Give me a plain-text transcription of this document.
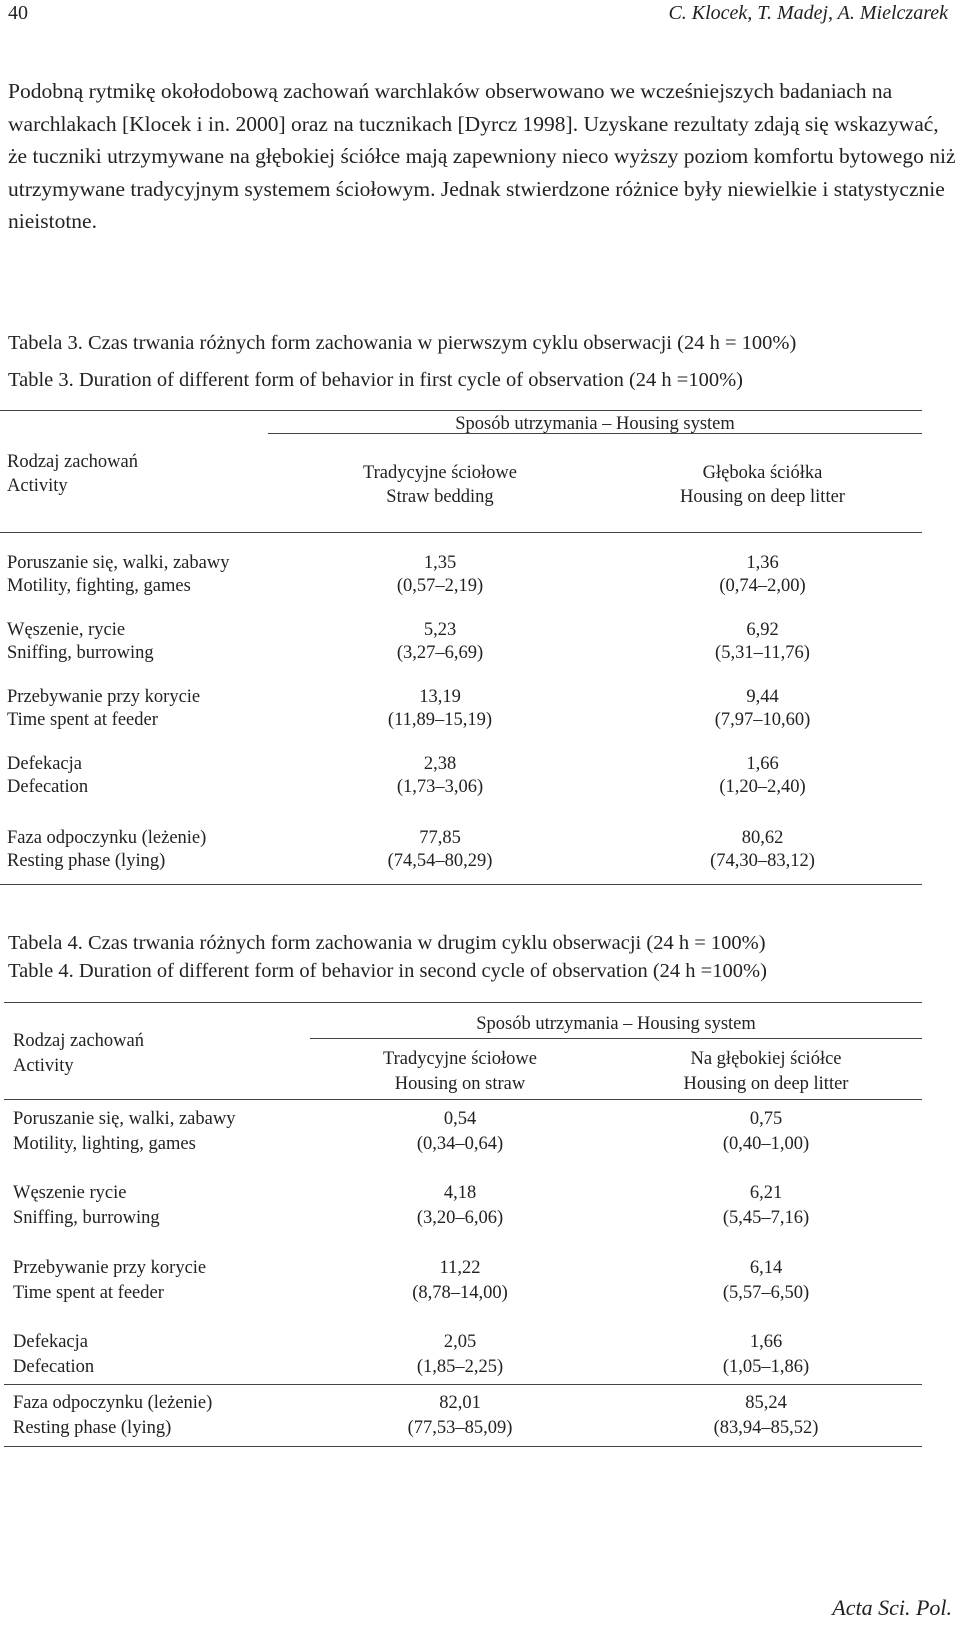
40	C. Klocek, T. Madej, A. Mielczarek

Podobną rytmikę okołodobową zachowań warchlaków obserwowano we wcześniejszych badaniach na warchlakach [Klocek i in. 2000] oraz na tucznikach [Dyrcz 1998]. Uzyskane rezultaty zdają się wskazywać, że tuczniki utrzymywane na głębokiej ściółce mają zapewniony nieco wyższy poziom komfortu bytowego niż utrzymywane tradycyjnym systemem ściołowym. Jednak stwierdzone różnice były niewielkie i statystycznie nieistotne.

Tabela 3. Czas trwania różnych form zachowania w pierwszym cyklu obserwacji (24 h = 100%)
Table 3. Duration of different form of behavior in first cycle of observation (24 h =100%)
Sposób utrzymania – Housing system
Rodzaj zachowań
Activity
Tradycyjne ściołowe
Straw bedding
Głęboka ściółka
Housing on deep litter
Poruszanie się, walki, zabawy
Motility, fighting, games
1,35
(0,57–2,19)
1,36
(0,74–2,00)
Węszenie, rycie
Sniffing, burrowing
5,23
(3,27–6,69)
6,92
(5,31–11,76)
Przebywanie przy korycie
Time spent at feeder
13,19
(11,89–15,19)
9,44
(7,97–10,60)
Defekacja
Defecation
2,38
(1,73–3,06)
1,66
(1,20–2,40)
Faza odpoczynku (leżenie)
Resting phase (lying)
77,85
(74,54–80,29)
80,62
(74,30–83,12)
Tabela 4. Czas trwania różnych form zachowania w drugim cyklu obserwacji (24 h = 100%)
Table 4. Duration of different form of behavior in second cycle of observation (24 h =100%)
Sposób utrzymania – Housing system
Rodzaj zachowań
Activity	Tradycyjne ściołowe
Housing on straw
Na głębokiej ściółce
Housing on deep litter
Poruszanie się, walki, zabawy
Motility, lighting, games
0,54
(0,34–0,64)
0,75
(0,40–1,00)
Węszenie rycie
Sniffing, burrowing
4,18
(3,20–6,06)
6,21
(5,45–7,16)
Przebywanie przy korycie
Time spent at feeder
11,22
(8,78–14,00)
6,14
(5,57–6,50)
Defekacja
Defecation
2,05
(1,85–2,25)
1,66
(1,05–1,86)
Faza odpoczynku (leżenie)
Resting phase (lying)
82,01
(77,53–85,09)
85,24
(83,94–85,52)
Acta Sci. Pol.
